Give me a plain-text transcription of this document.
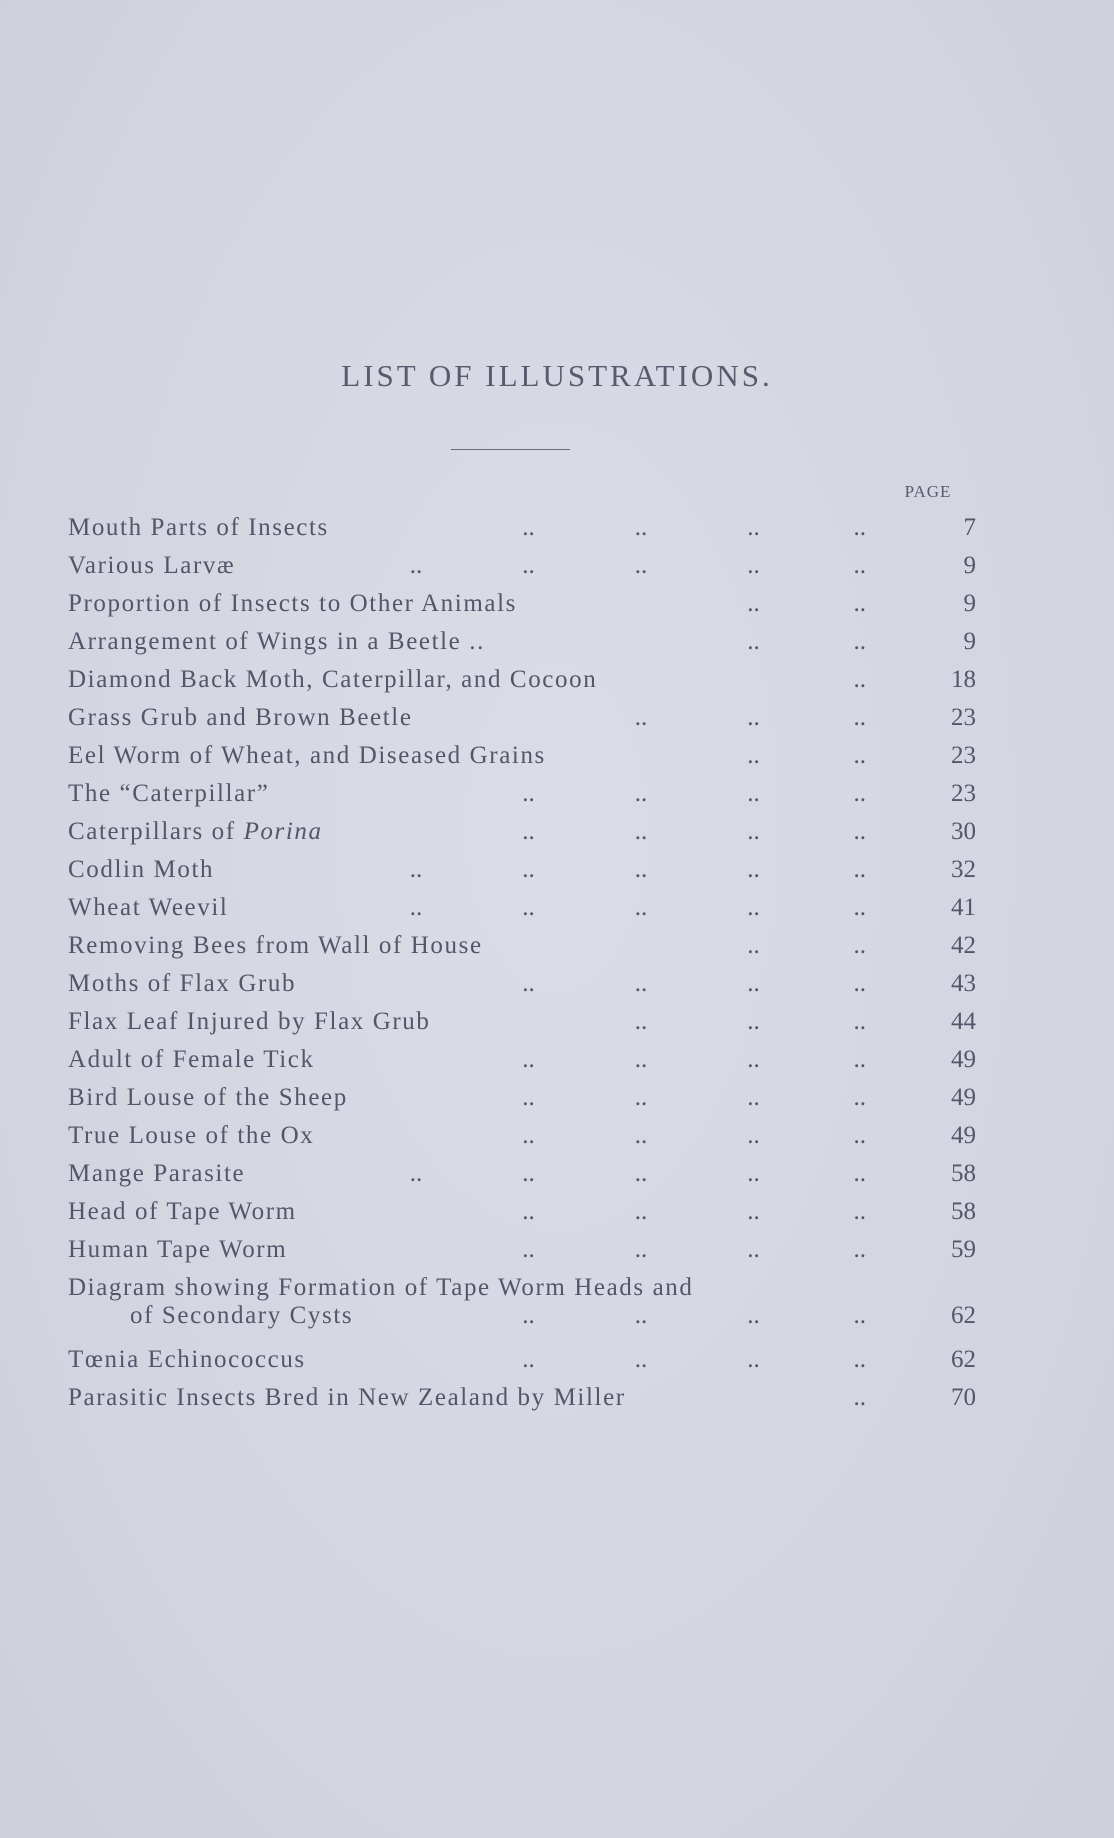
LIST OF ILLUSTRATIONS.
PAGE
Mouth Parts of Insects	..                ..                ..               ..	7
Various Larvæ	..                ..                ..                ..               ..	9
Proportion of Insects to Other Animals	..               ..	9
Arrangement of Wings in a Beetle ..	..               ..	9
Diamond Back Moth, Caterpillar, and Cocoon	..	18
Grass Grub and Brown Beetle	..                ..               ..	23
Eel Worm of Wheat, and Diseased Grains	..               ..	23
The “Caterpillar”	..                ..                ..               ..	23
Caterpillars of Porina	..                ..                ..               ..	30
Codlin Moth	..                ..                ..                ..               ..	32
Wheat Weevil	..                ..                ..                ..               ..	41
Removing Bees from Wall of House	..               ..	42
Moths of Flax Grub	..                ..                ..               ..	43
Flax Leaf Injured by Flax Grub	..                ..               ..	44
Adult of Female Tick	..                ..                ..               ..	49
Bird Louse of the Sheep	..                ..                ..               ..	49
True Louse of the Ox	..                ..                ..               ..	49
Mange Parasite	..                ..                ..                ..               ..	58
Head of Tape Worm	..                ..                ..               ..	58
Human Tape Worm	..                ..                ..               ..	59
Diagram showing Formation of Tape Worm Heads and
of Secondary Cysts	..                ..                ..               ..	62
Tœnia Echinococcus	..                ..                ..               ..	62
Parasitic Insects Bred in New Zealand by Miller	..	70
